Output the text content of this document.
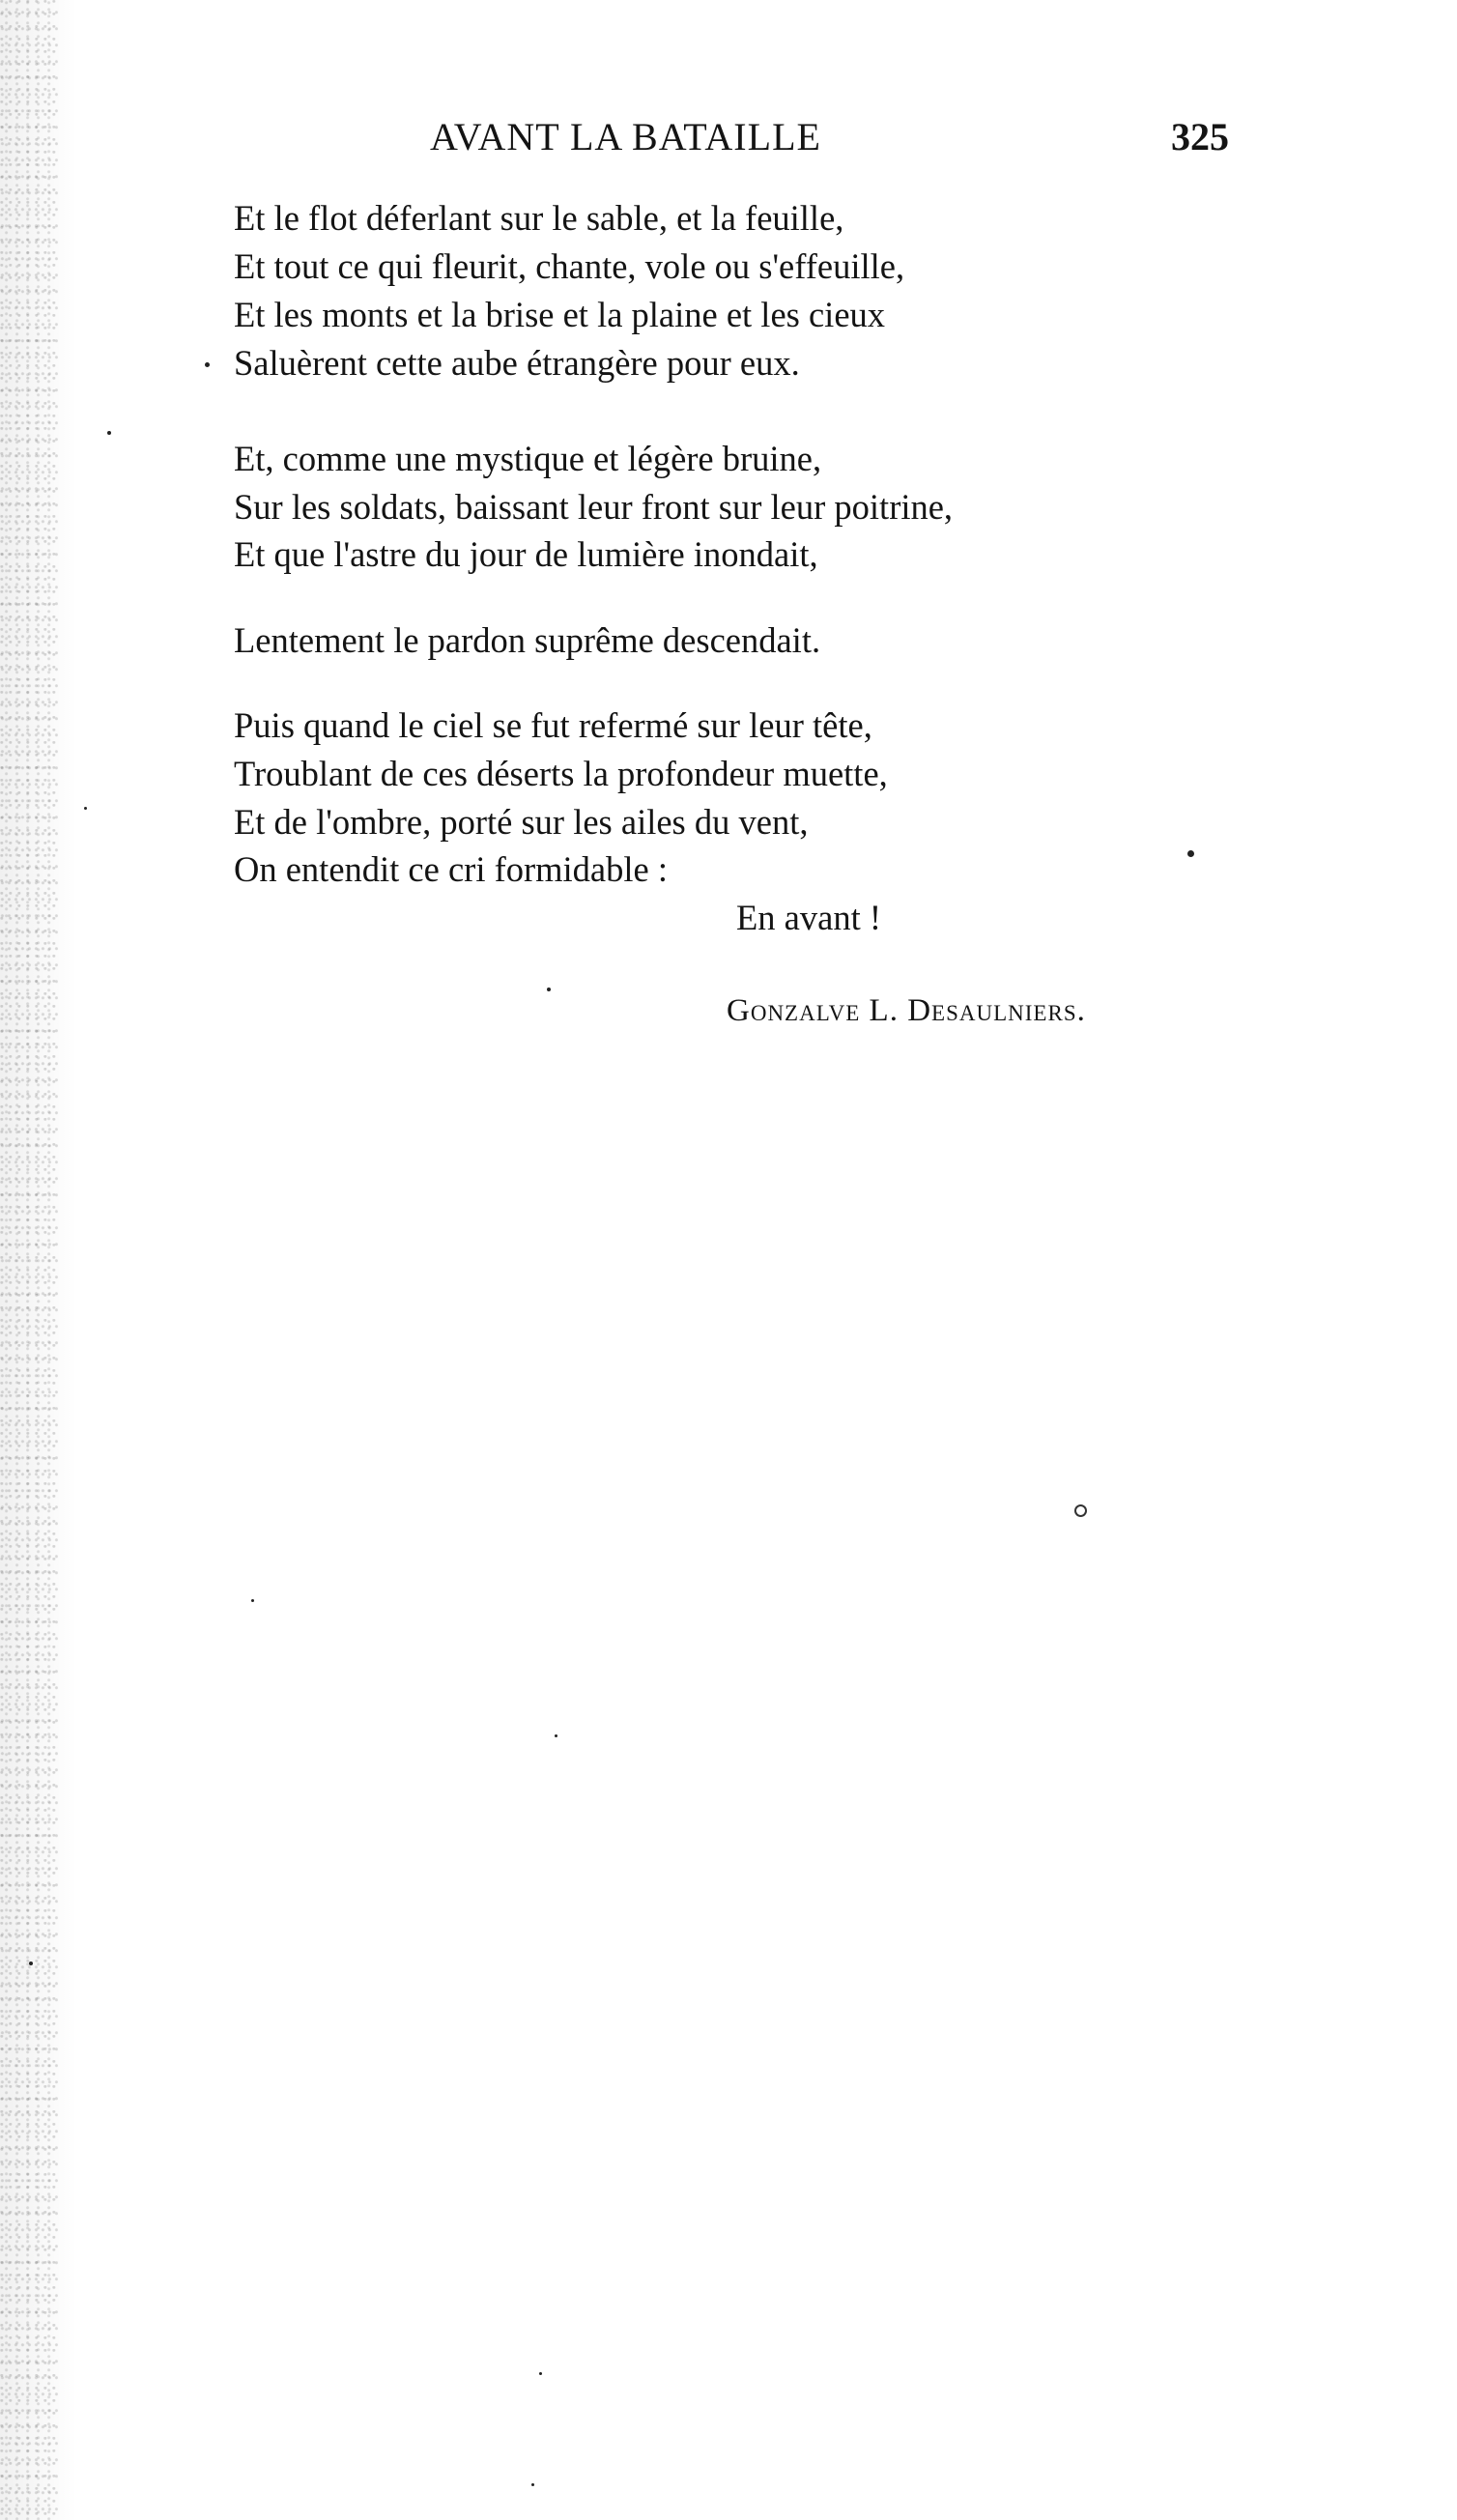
AVANT LA BATAILLE	325
Et le flot déferlant sur le sable, et la feuille,
Et tout ce qui fleurit, chante, vole ou s'effeuille,
Et les monts et la brise et la plaine et les cieux
Saluèrent cette aube étrangère pour eux.
Et, comme une mystique et légère bruine,
Sur les soldats, baissant leur front sur leur poitrine,
Et que l'astre du jour de lumière inondait,
Lentement le pardon suprême descendait.
Puis quand le ciel se fut refermé sur leur tête,
Troublant de ces déserts la profondeur muette,
Et de l'ombre, porté sur les ailes du vent,
On entendit ce cri formidable :
En avant !
Gonzalve L. Desaulniers.
